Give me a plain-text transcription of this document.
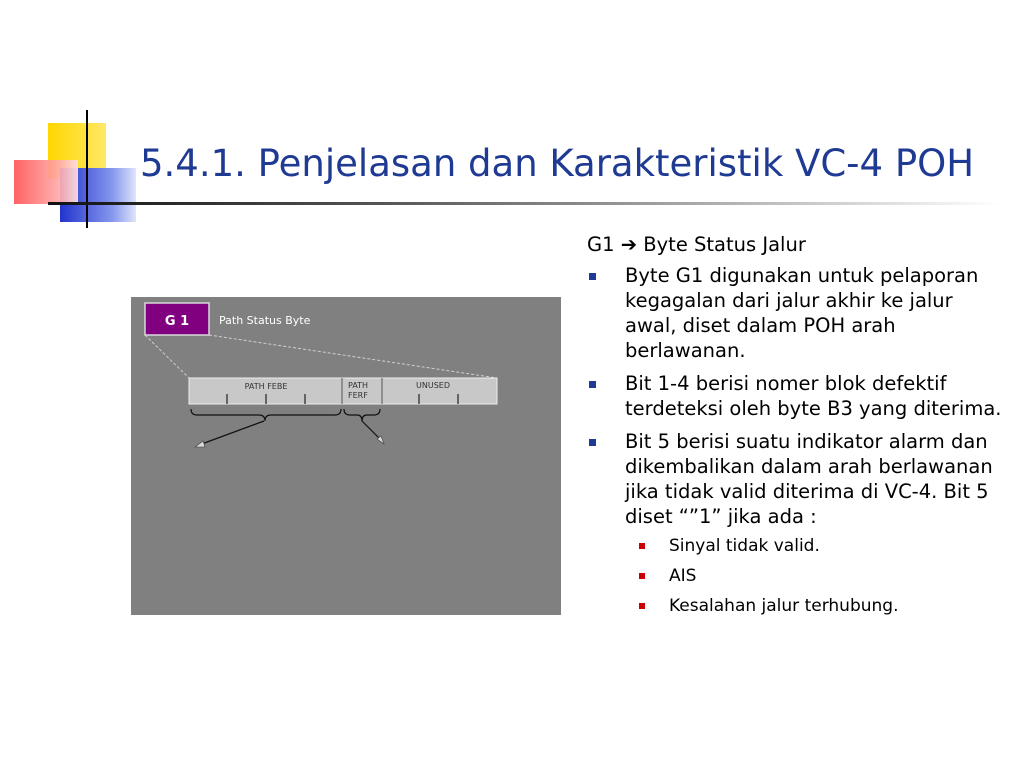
5.4.1. Penjelasan dan Karakteristik VC-4 POH
G 1	Path Status Byte
PATH FEBE	PATH
FERF
UNUSED

G1 ➔ Byte Status Jalur

Byte G1 digunakan untuk pelaporan kegagalan dari jalur akhir ke jalur awal, diset dalam POH arah berlawanan.
Bit 1-4 berisi nomer blok defektif terdeteksi oleh byte B3 yang diterima.
Bit 5 berisi suatu indikator alarm dan dikembalikan dalam arah berlawanan jika tidak valid diterima di VC-4. Bit 5 diset “”1” jika ada :
Sinyal tidak valid.
AIS
Kesalahan jalur terhubung.
